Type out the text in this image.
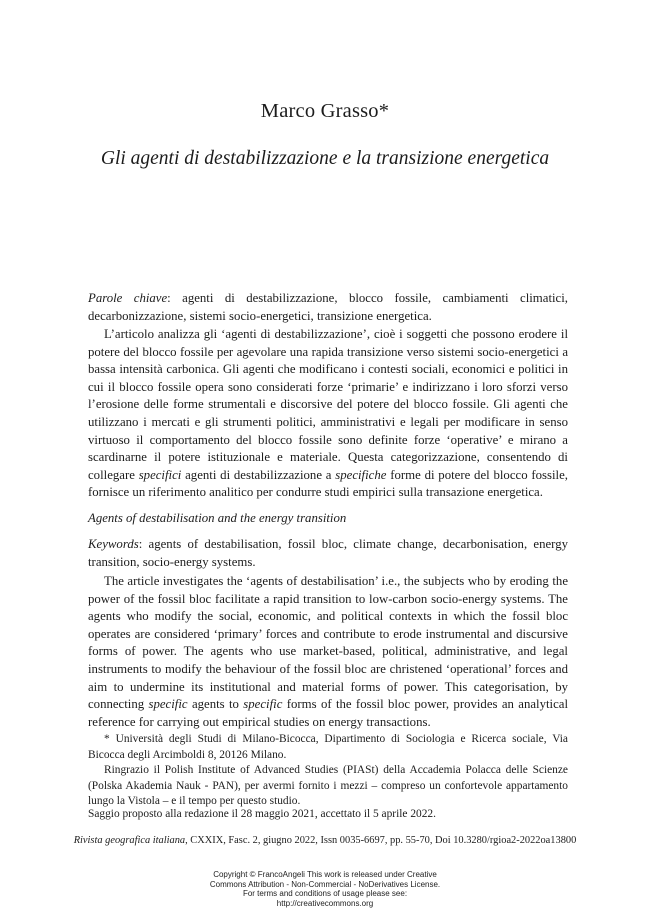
Marco Grasso*
Gli agenti di destabilizzazione e la transizione energetica
Parole chiave: agenti di destabilizzazione, blocco fossile, cambiamenti climatici, decarbonizzazione, sistemi socio-energetici, transizione energetica.
L’articolo analizza gli ‘agenti di destabilizzazione’, cioè i soggetti che possono erodere il potere del blocco fossile per agevolare una rapida transizione verso sistemi socio-energetici a bassa intensità carbonica. Gli agenti che modificano i contesti sociali, economici e politici in cui il blocco fossile opera sono considerati forze ‘primarie’ e indirizzano i loro sforzi verso l’erosione delle forme strumentali e discorsive del potere del blocco fossile. Gli agenti che utilizzano i mercati e gli strumenti politici, amministrativi e legali per modificare in senso virtuoso il comportamento del blocco fossile sono definite forze ‘operative’ e mirano a scardinarne il potere istituzionale e materiale. Questa categorizzazione, consentendo di collegare specifici agenti di destabilizzazione a specifiche forme di potere del blocco fossile, fornisce un riferimento analitico per condurre studi empirici sulla transazione energetica.
Agents of destabilisation and the energy transition
Keywords: agents of destabilisation, fossil bloc, climate change, decarbonisation, energy transition, socio-energy systems.
The article investigates the ‘agents of destabilisation’ i.e., the subjects who by eroding the power of the fossil bloc facilitate a rapid transition to low-carbon socio-energy systems. The agents who modify the social, economic, and political contexts in which the fossil bloc operates are considered ‘primary’ forces and contribute to erode instrumental and discursive forms of power. The agents who use market-based, political, administrative, and legal instruments to modify the behaviour of the fossil bloc are christened ‘operational’ forces and aim to undermine its institutional and material forms of power. This categorisation, by connecting specific agents to specific forms of the fossil bloc power, provides an analytical reference for carrying out empirical studies on energy transactions.
* Università degli Studi di Milano-Bicocca, Dipartimento di Sociologia e Ricerca sociale, Via Bicocca degli Arcimboldi 8, 20126 Milano.
Ringrazio il Polish Institute of Advanced Studies (PIASt) della Accademia Polacca delle Scienze (Polska Akademia Nauk - PAN), per avermi fornito i mezzi – compreso un confortevole appartamento lungo la Vistola – e il tempo per questo studio.
Saggio proposto alla redazione il 28 maggio 2021, accettato il 5 aprile 2022.
Rivista geografica italiana, CXXIX, Fasc. 2, giugno 2022, Issn 0035-6697, pp. 55-70, Doi 10.3280/rgioa2-2022oa13800
Copyright © FrancoAngeli This work is released under Creative
Commons Attribution - Non-Commercial - NoDerivatives License.
For terms and conditions of usage please see:
http://creativecommons.org
